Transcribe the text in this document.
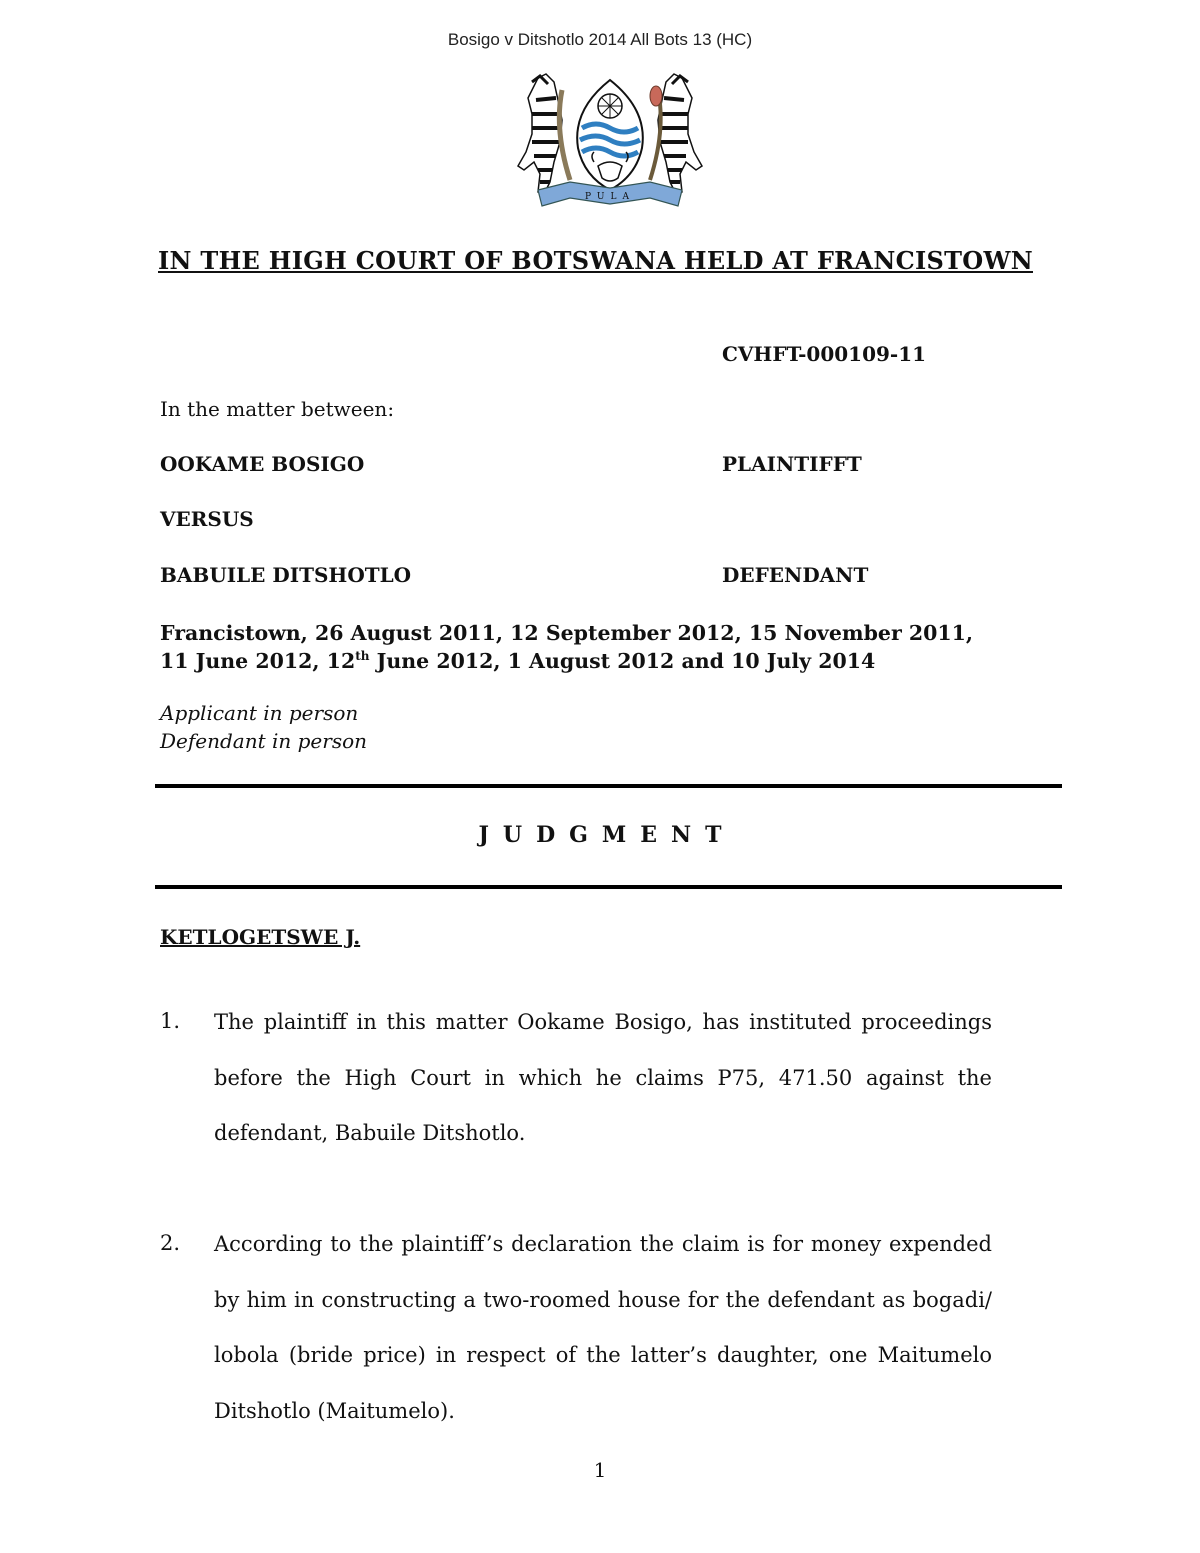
Bosigo v Ditshotlo 2014 All Bots 13 (HC)
PULA
IN THE HIGH COURT OF BOTSWANA HELD AT FRANCISTOWN
CVHFT-000109-11
In the matter between:
OOKAME BOSIGO	PLAINTIFFT
VERSUS
BABUILE DITSHOTLO	DEFENDANT
Francistown, 26 August 2011, 12 September 2012, 15 November 2011,
11 June 2012, 12th June 2012, 1 August 2012 and 10 July 2014
Applicant in person
Defendant in person
JUDGMENT
KETLOGETSWE J.
1. The plaintiff in this matter Ookame Bosigo, has instituted proceedings before the High Court in which he claims P75, 471.50 against the defendant, Babuile Ditshotlo.
2. According to the plaintiff’s declaration the claim is for money expended by him in constructing a two-roomed house for the defendant as bogadi/ lobola (bride price) in respect of the latter’s daughter, one Maitumelo Ditshotlo (Maitumelo).
1
